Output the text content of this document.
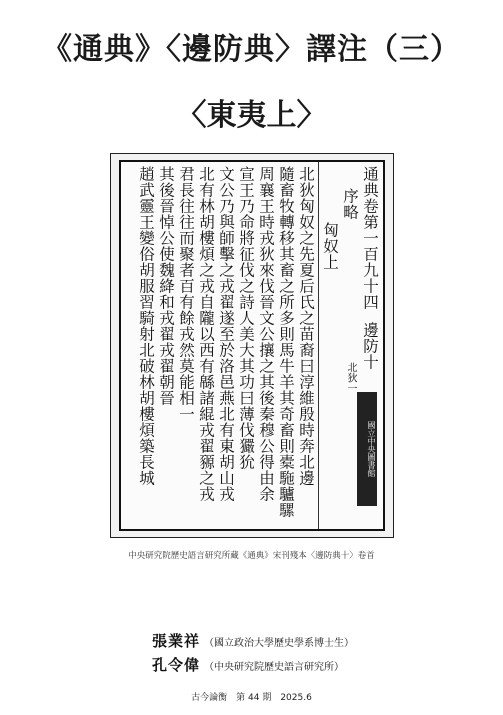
《通典》〈邊防典〉譯注（三）
〈東夷上〉
通典卷第一百九十四
序略
匈奴上
邊防十
北狄一
北狄匈奴之先夏后氏之苗裔曰淳維殷時奔北邊
隨畜牧轉移其畜之所多則馬牛羊其奇畜則橐駞驢騾
周襄王時戎狄來伐晉文公攘之其後秦穆公得由余
宣王乃命將征伐之詩人美大其功曰薄伐玁狁
文公乃與師擊之戎翟遂至於洛邑燕北有東胡山戎
北有林胡樓煩之戎自隴以西有緜諸緄戎翟豲之戎
君長往往而聚者百有餘戎然莫能相一
其後晉悼公使魏絳和戎翟戎翟朝晉
趙武靈王變俗胡服習騎射北破林胡樓煩築長城	國立中央圖書館
中央研究院歷史語言研究所藏《通典》宋刊殘本〈邊防典十〉卷首
張業祥 （國立政治大學歷史學系博士生）
孔令偉 （中央研究院歷史語言研究所）
古今論衡　第 44 期　2025.6
